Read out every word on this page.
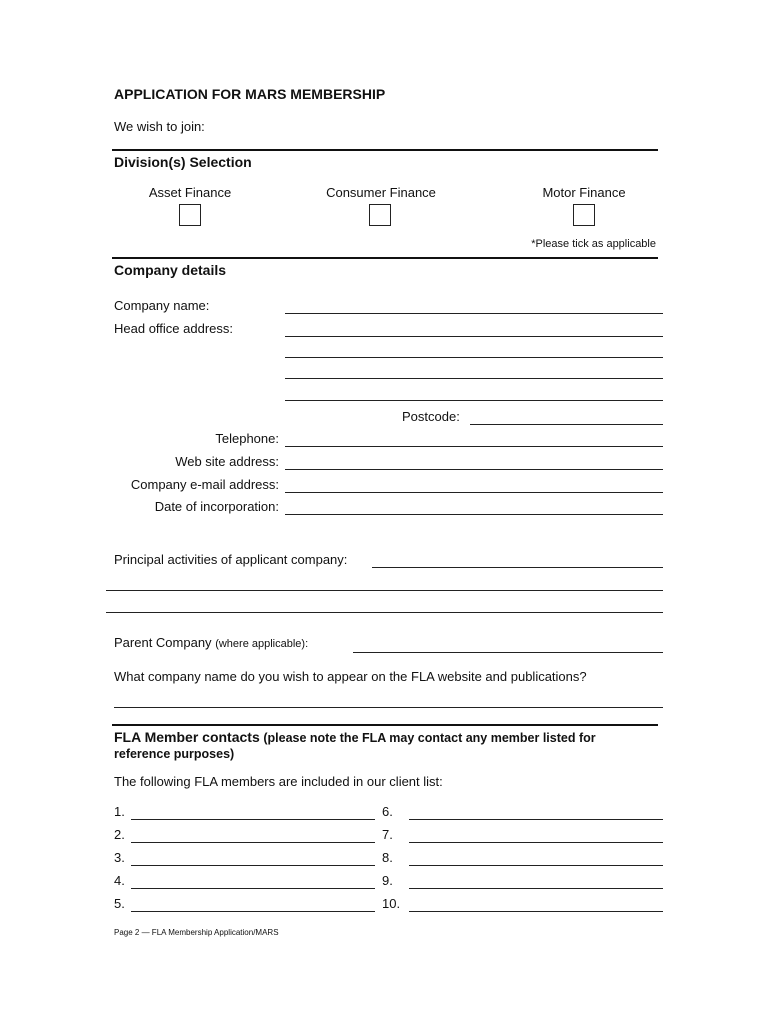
APPLICATION FOR MARS MEMBERSHIP
We wish to join:
Division(s) Selection
Asset Finance	Consumer Finance	Motor Finance
*Please tick as applicable
Company details
Company name:
Head office address:
Postcode:
Telephone:
Web site address:
Company e-mail address:
Date of incorporation:
Principal activities of applicant company:
Parent Company (where applicable):
What company name do you wish to appear on the FLA website and publications?
FLA Member contacts (please note the FLA may contact any member listed for reference purposes)
The following FLA members are included in our client list:
1.
2.
3.
4.
5.
6.
7.
8.
9.
10.
Page 2 — FLA Membership Application/MARS
